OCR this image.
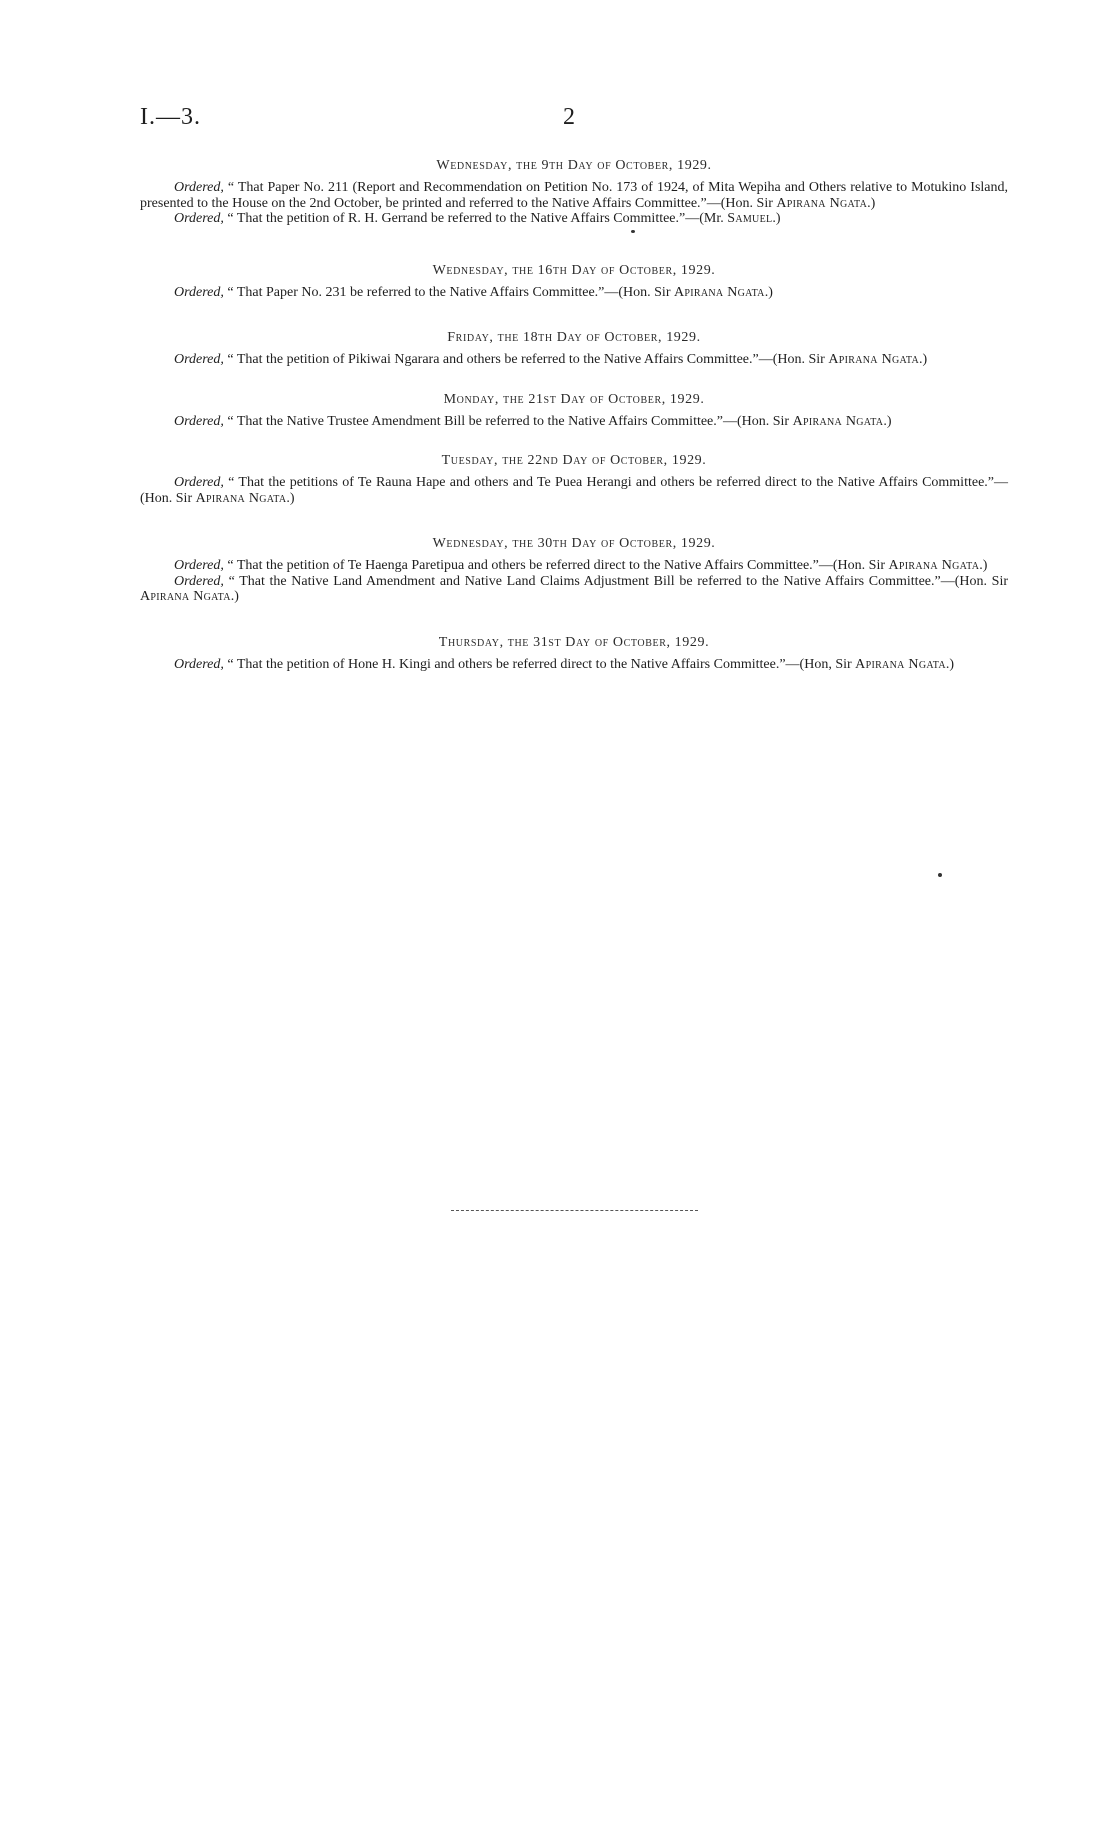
I.—3.	2
Wednesday, the 9th Day of October, 1929.

Ordered, “ That Paper No. 211 (Report and Recommendation on Petition No. 173 of 1924, of Mita Wepiha and Others relative to Motukino Island, presented to the House on the 2nd October, be printed and referred to the Native Affairs Committee.”—(Hon. Sir Apirana Ngata.)

Ordered, “ That the petition of R. H. Gerrand be referred to the Native Affairs Committee.”—(Mr. Samuel.)

Wednesday, the 16th Day of October, 1929.

Ordered, “ That Paper No. 231 be referred to the Native Affairs Committee.”—(Hon. Sir Apirana Ngata.)

Friday, the 18th Day of October, 1929.

Ordered, “ That the petition of Pikiwai Ngarara and others be referred to the Native Affairs Committee.”—(Hon. Sir Apirana Ngata.)

Monday, the 21st Day of October, 1929.

Ordered, “ That the Native Trustee Amendment Bill be referred to the Native Affairs Committee.”—(Hon. Sir Apirana Ngata.)

Tuesday, the 22nd Day of October, 1929.

Ordered, “ That the petitions of Te Rauna Hape and others and Te Puea Herangi and others be referred direct to the Native Affairs Committee.”—(Hon. Sir Apirana Ngata.)

Wednesday, the 30th Day of October, 1929.

Ordered, “ That the petition of Te Haenga Paretipua and others be referred direct to the Native Affairs Committee.”—(Hon. Sir Apirana Ngata.)

Ordered, “ That the Native Land Amendment and Native Land Claims Adjustment Bill be referred to the Native Affairs Committee.”—(Hon. Sir Apirana Ngata.)

Thursday, the 31st Day of October, 1929.

Ordered, “ That the petition of Hone H. Kingi and others be referred direct to the Native Affairs Committee.”—(Hon, Sir Apirana Ngata.)
